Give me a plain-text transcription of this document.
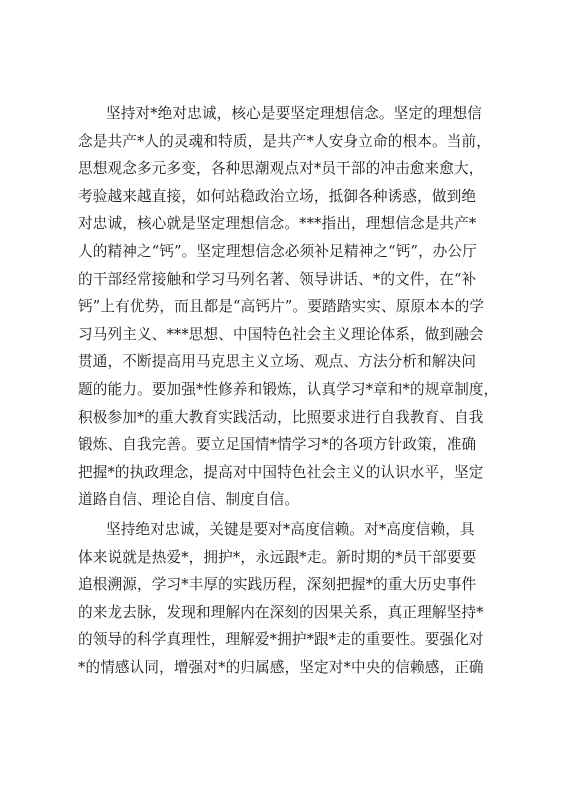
坚持对*绝对忠诚，核心是要坚定理想信念。坚定的理想信
念是共产*人的灵魂和特质，是共产*人安身立命的根本。当前，
思想观念多元多变，各种思潮观点对*员干部的冲击愈来愈大，
考验越来越直接，如何站稳政治立场，抵御各种诱惑，做到绝
对忠诚，核心就是坚定理想信念。***指出，理想信念是共产*
人的精神之“钙”。坚定理想信念必须补足精神之“钙”，办公厅
的干部经常接触和学习马列名著、领导讲话、*的文件，在“补
钙”上有优势，而且都是“高钙片”。要踏踏实实、原原本本的学
习马列主义、***思想、中国特色社会主义理论体系，做到融会
贯通，不断提高用马克思主义立场、观点、方法分析和解决问
题的能力。要加强*性修养和锻炼，认真学习*章和*的规章制度，
积极参加*的重大教育实践活动，比照要求进行自我教育、自我
锻炼、自我完善。要立足国情*情学习*的各项方针政策，准确
把握*的执政理念，提高对中国特色社会主义的认识水平，坚定
道路自信、理论自信、制度自信。
坚持绝对忠诚，关键是要对*高度信赖。对*高度信赖，具
体来说就是热爱*，拥护*，永远跟*走。新时期的*员干部要要
追根溯源，学习*丰厚的实践历程，深刻把握*的重大历史事件
的来龙去脉，发现和理解内在深刻的因果关系，真正理解坚持*
的领导的科学真理性，理解爱*拥护*跟*走的重要性。要强化对
*的情感认同，增强对*的归属感，坚定对*中央的信赖感，正确
